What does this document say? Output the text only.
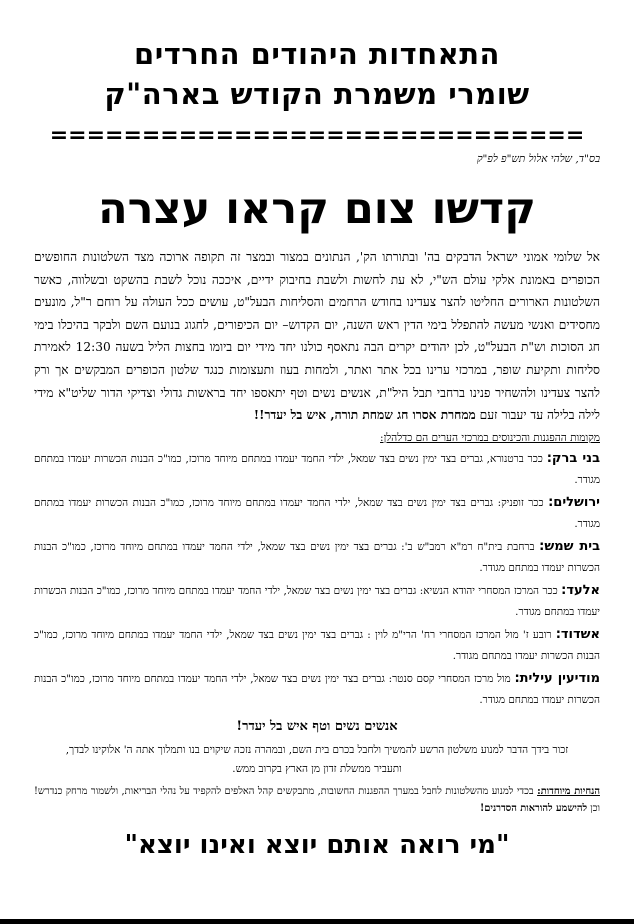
התאחדות היהודים החרדים
שומרי משמרת הקודש בארה"ק
=============================
בס"ד, שלהי אלול תש"פ לפ"ק
קדשו צום קראו עצרה
אל שלומי אמוני ישראל הדבקים בה' ובתורתו הק', הנתונים במצור ובמצר זה תקופה ארוכה מצד השלטונות החופשים הכופרים באמונת אלקי עולם הש"י, לא עת לחשות ולשבת בחיבוק ידיים, איככה נוכל לשבת בהשקט ובשלווה, כאשר השלטונות הארורים החליטו להצר צעדינו בחודש הרחמים והסליחות הבעל"ט, עושים ככל העולה על רוחם ר"ל, מונעים מחסידים ואנשי מעשה להתפלל בימי הדין ראש השנה, יום הקדוש– יום הכיפורים, לחגוג בנועם השם ולבקר בהיכלו בימי חג הסוכות וש"ת הבעל"ט, לכן יהודים יקרים הבה נתאסף כולנו יחד מידי יום ביומו בחצות הליל בשעה 12:30 לאמירת סליחות ותקיעת שופר, במרכזי ערינו בכל אתר ואתר, ולמחות בעוז ותעצומות כנגד שלטון הכופרים המבקשים אך ורק להצר צעדינו ולהשחיר פנינו ברחבי תבל היל"ת, אנשים נשים וטף יתאספו יחד בראשות גדולי וצדיקי הדור שליט"א מידי לילה בלילה עד יעבור זעם ממחרת אסרו חג שמחת תורה, איש בל יעדר!!
מקומות ההפגנות והכינוסים במרכזי הערים הם כדלהלן:
בני ברק: ככר ברטנורא, גברים בצד ימין נשים בצד שמאל, ילדי החמד יעמדו במתחם מיוחד מרוכז, כמו"כ הבנות הכשרות יעמדו במתחם מגודר.
ירושלים: ככר זופניק: גברים בצד ימין נשים בצד שמאל, ילדי החמד יעמדו במתחם מיוחד מרוכז, כמו"כ הבנות הכשרות יעמדו במתחם מגודר.
בית שמש: ברחבת בית"ח רמ"א רמב"ש ב': גברים בצד ימין נשים בצד שמאל, ילדי החמד יעמדו במתחם מיוחד מרוכז, כמו"כ הבנות הכשרות יעמדו במתחם מגודר.
אלעד: ככר המרכז המסחרי יהודא הנשיא: גברים בצד ימין נשים בצד שמאל, ילדי החמד יעמדו במתחם מיוחד מרוכז, כמו"כ הבנות הכשרות יעמדו במתחם מגודר.
אשדוד: רובע ז' מול המרכז המסחרי רח' הרי"מ לוין : גברים בצד ימין נשים בצד שמאל, ילדי החמד יעמדו במתחם מיוחד מרוכז, כמו"כ הבנות הכשרות יעמדו במתחם מגודר.
מודיעין עילית: מול מרכז המסחרי קסם סנטר: גברים בצד ימין נשים בצד שמאל, ילדי החמד יעמדו במתחם מיוחד מרוכז, כמו"כ הבנות הכשרות יעמדו במתחם מגודר.
אנשים נשים וטף איש בל יעדר!
זכור בידך הדבר למנוע משלטון הרשע להמשיך ולחבל בכרם בית השם, ובמהרה נזכה שיקוים בנו ותמלוך אתה ה' אלוקינו לבדך, ותעביר ממשלת זדון מן הארץ בקרוב ממש.
הנחיות מיוחדות: בכדי למנוע מהשלטונות לחבל במערך ההפגנות החשובות, מתבקשים קהל האלפים להקפיד על נהלי הבריאות, ולשמור מרחק כנדרש! וכן להישמע להוראות הסדרנים!
"מי רואה אותם יוצא ואינו יוצא"
